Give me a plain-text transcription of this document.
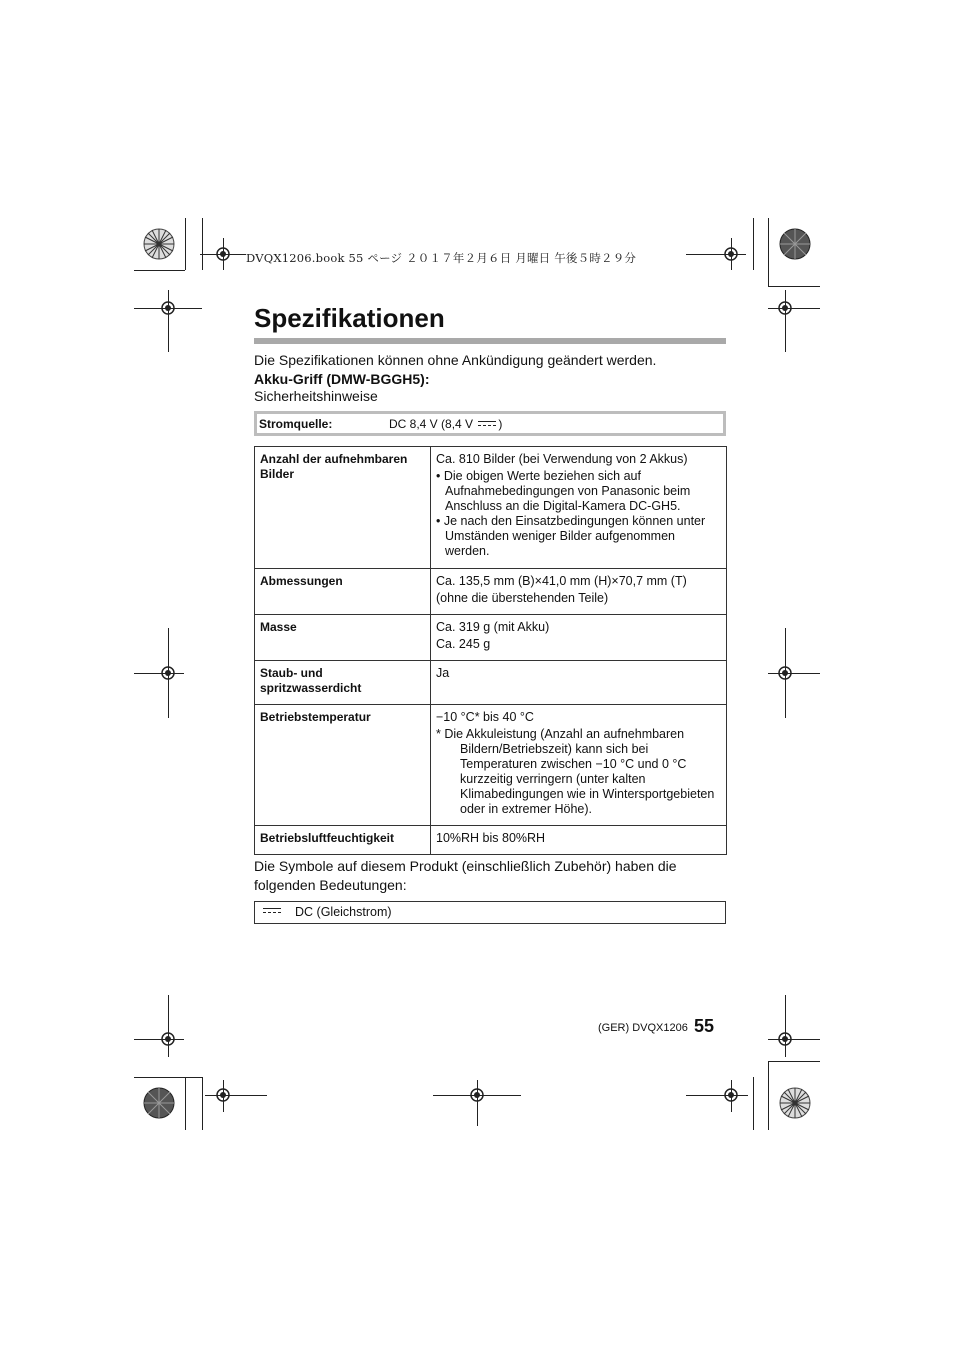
DVQX1206.book 55 ページ ２０１７年２月６日 月曜日 午後５時２９分
Spezifikationen
Die Spezifikationen können ohne Ankündigung geändert werden.
Akku-Griff (DMW-BGGH5):
Sicherheitshinweise
Stromquelle:	DC 8,4 V (8,4 V )
Anzahl der aufnehmbaren Bilder	Ca. 810 Bilder (bei Verwendung von 2 Akkus)
• Die obigen Werte beziehen sich auf Aufnahmebedingungen von Panasonic beim Anschluss an die Digital-Kamera DC-GH5.
• Je nach den Einsatzbedingungen können unter Umständen weniger Bilder aufgenommen werden.

Abmessungen	Ca. 135,5 mm (B)×41,0 mm (H)×70,7 mm (T)
(ohne die überstehenden Teile)

Masse	Ca. 319 g (mit Akku)
Ca. 245 g

Staub- und spritzwasserdicht	Ja
Betriebstemperatur	−10 °C* bis 40 °C
* Die Akkuleistung (Anzahl an aufnehmbaren Bildern/Betriebszeit) kann sich bei Temperaturen zwischen −10 °C und 0 °C kurzzeitig verringern (unter kalten Klimabedingungen wie in Wintersportgebieten oder in extremer Höhe).

Betriebsluftfeuchtigkeit	10%RH bis 80%RH
Die Symbole auf diesem Produkt (einschließlich Zubehör) haben die folgenden Bedeutungen:
DC (Gleichstrom)
(GER) DVQX1206 55
